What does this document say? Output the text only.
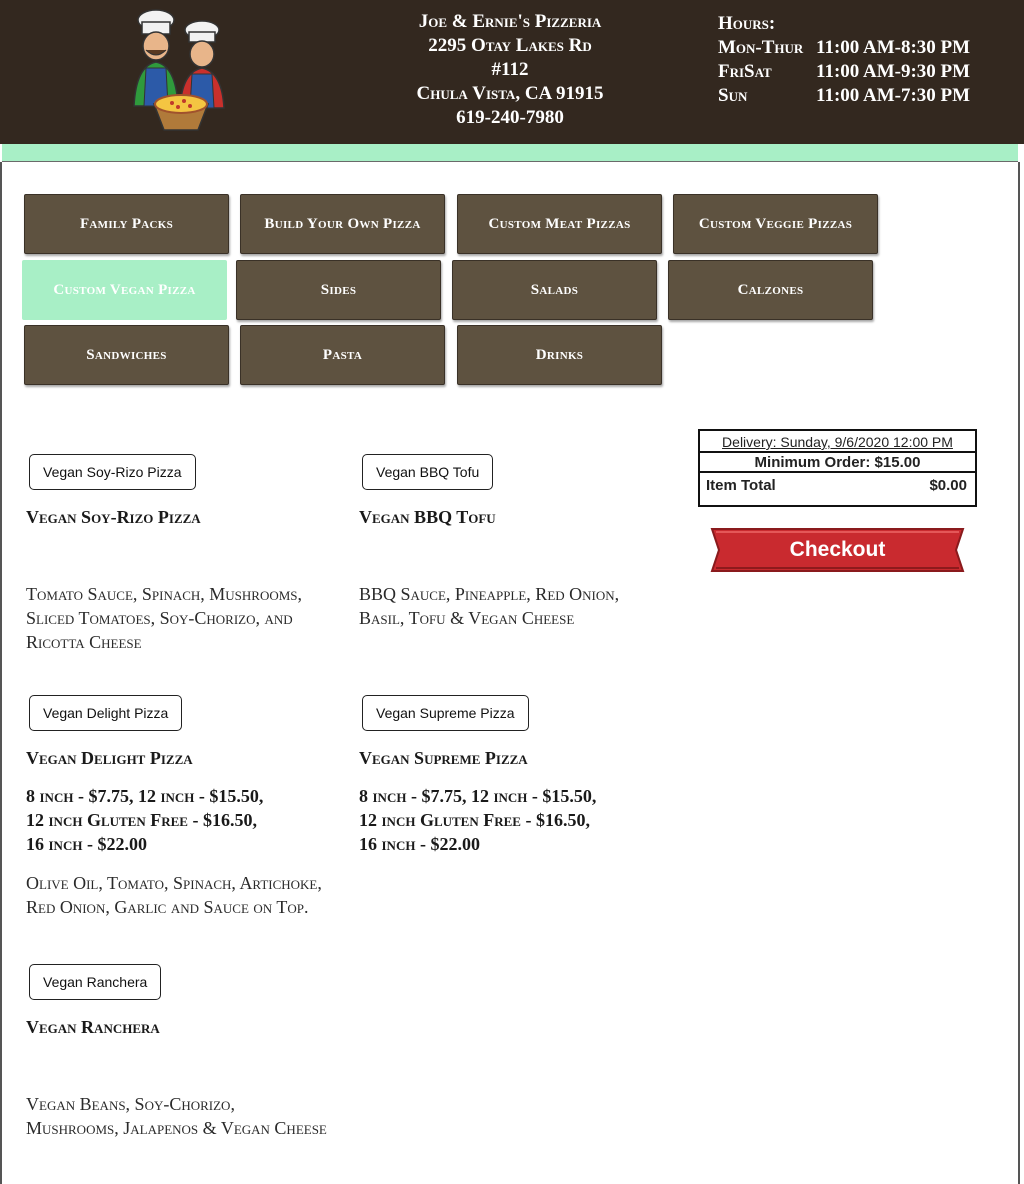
Joe & Ernie's Pizzeria
2295 Otay Lakes Rd
#112
Chula Vista, CA 91915
619-240-7980
Hours:
Mon-Thur 11:00 AM-8:30 PM
FriSat	11:00 AM-9:30 PM
Sun	11:00 AM-7:30 PM
Family Packs	Build Your Own Pizza	Custom Meat Pizzas	Custom Veggie Pizzas
Custom Vegan Pizza	Sides	Salads	Calzones
Sandwiches	Pasta	Drinks
Delivery: Sunday, 9/6/2020 12:00 PM
Minimum Order: $15.00
Item Total	$0.00
Checkout
Vegan Soy-Rizo Pizza
Vegan Soy-Rizo Pizza
Tomato Sauce, Spinach, Mushrooms,
Sliced Tomatoes, Soy-Chorizo, and
Ricotta Cheese
Vegan BBQ Tofu
Vegan BBQ Tofu
BBQ Sauce, Pineapple, Red Onion,
Basil, Tofu & Vegan Cheese
Vegan Delight Pizza
Vegan Delight Pizza
8 inch - $7.75, 12 inch - $15.50,
12 inch Gluten Free - $16.50,
16 inch - $22.00
Olive Oil, Tomato, Spinach, Artichoke,
Red Onion, Garlic and Sauce on Top.
Vegan Supreme Pizza
Vegan Supreme Pizza
8 inch - $7.75, 12 inch - $15.50,
12 inch Gluten Free - $16.50,
16 inch - $22.00
Vegan Ranchera
Vegan Ranchera
Vegan Beans, Soy-Chorizo,
Mushrooms, Jalapenos & Vegan Cheese
